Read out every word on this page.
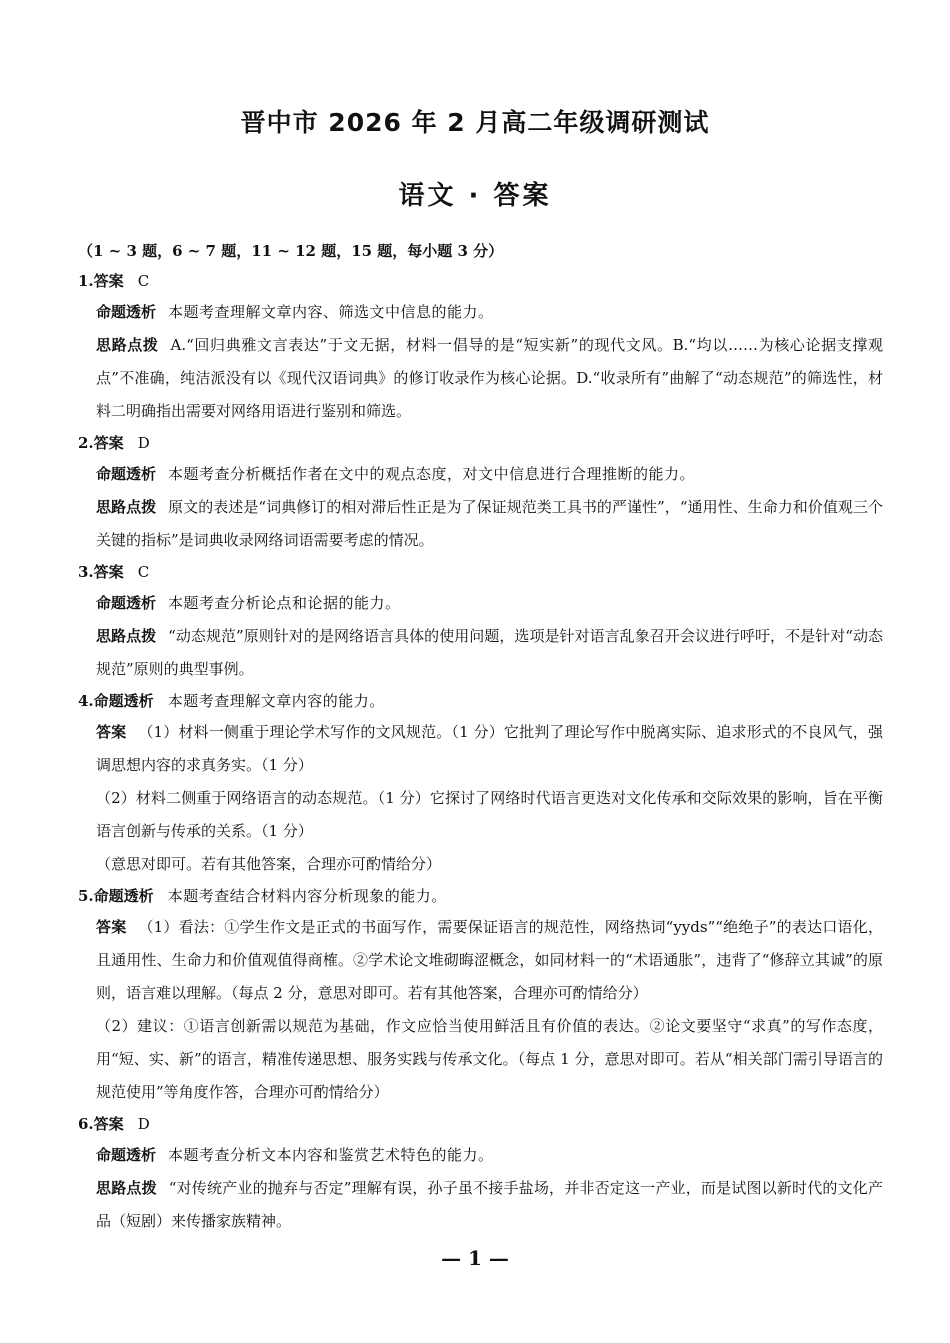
晋中市 2026 年 2 月高二年级调研测试
语文 · 答案
（1 ~ 3 题，6 ~ 7 题，11 ~ 12 题，15 题，每小题 3 分）
1.答案 C
命题透析 本题考查理解文章内容、筛选文中信息的能力。
思路点拨 A.“回归典雅文言表达”于文无据，材料一倡导的是“短实新”的现代文风。B.“均以……为核心论据支撑观点”不准确，纯洁派没有以《现代汉语词典》的修订收录作为核心论据。D.“收录所有”曲解了“动态规范”的筛选性，材料二明确指出需要对网络用语进行鉴别和筛选。
2.答案 D
命题透析 本题考查分析概括作者在文中的观点态度，对文中信息进行合理推断的能力。
思路点拨 原文的表述是“词典修订的相对滞后性正是为了保证规范类工具书的严谨性”，“通用性、生命力和价值观三个关键的指标”是词典收录网络词语需要考虑的情况。
3.答案 C
命题透析 本题考查分析论点和论据的能力。
思路点拨 “动态规范”原则针对的是网络语言具体的使用问题，选项是针对语言乱象召开会议进行呼吁，不是针对“动态规范”原则的典型事例。
4.命题透析 本题考查理解文章内容的能力。
答案 （1）材料一侧重于理论学术写作的文风规范。（1 分）它批判了理论写作中脱离实际、追求形式的不良风气，强调思想内容的求真务实。（1 分）
（2）材料二侧重于网络语言的动态规范。（1 分）它探讨了网络时代语言更迭对文化传承和交际效果的影响，旨在平衡语言创新与传承的关系。（1 分）
（意思对即可。若有其他答案，合理亦可酌情给分）
5.命题透析 本题考查结合材料内容分析现象的能力。
答案 （1）看法：①学生作文是正式的书面写作，需要保证语言的规范性，网络热词“yyds”“绝绝子”的表达口语化，且通用性、生命力和价值观值得商榷。②学术论文堆砌晦涩概念，如同材料一的“术语通胀”，违背了“修辞立其诚”的原则，语言难以理解。（每点 2 分，意思对即可。若有其他答案，合理亦可酌情给分）
（2）建议：①语言创新需以规范为基础，作文应恰当使用鲜活且有价值的表达。②论文要坚守“求真”的写作态度，用“短、实、新”的语言，精准传递思想、服务实践与传承文化。（每点 1 分，意思对即可。若从“相关部门需引导语言的规范使用”等角度作答，合理亦可酌情给分）
6.答案 D
命题透析 本题考查分析文本内容和鉴赏艺术特色的能力。
思路点拨 “对传统产业的抛弃与否定”理解有误，孙子虽不接手盐场，并非否定这一产业，而是试图以新时代的文化产品（短剧）来传播家族精神。
— 1 —
